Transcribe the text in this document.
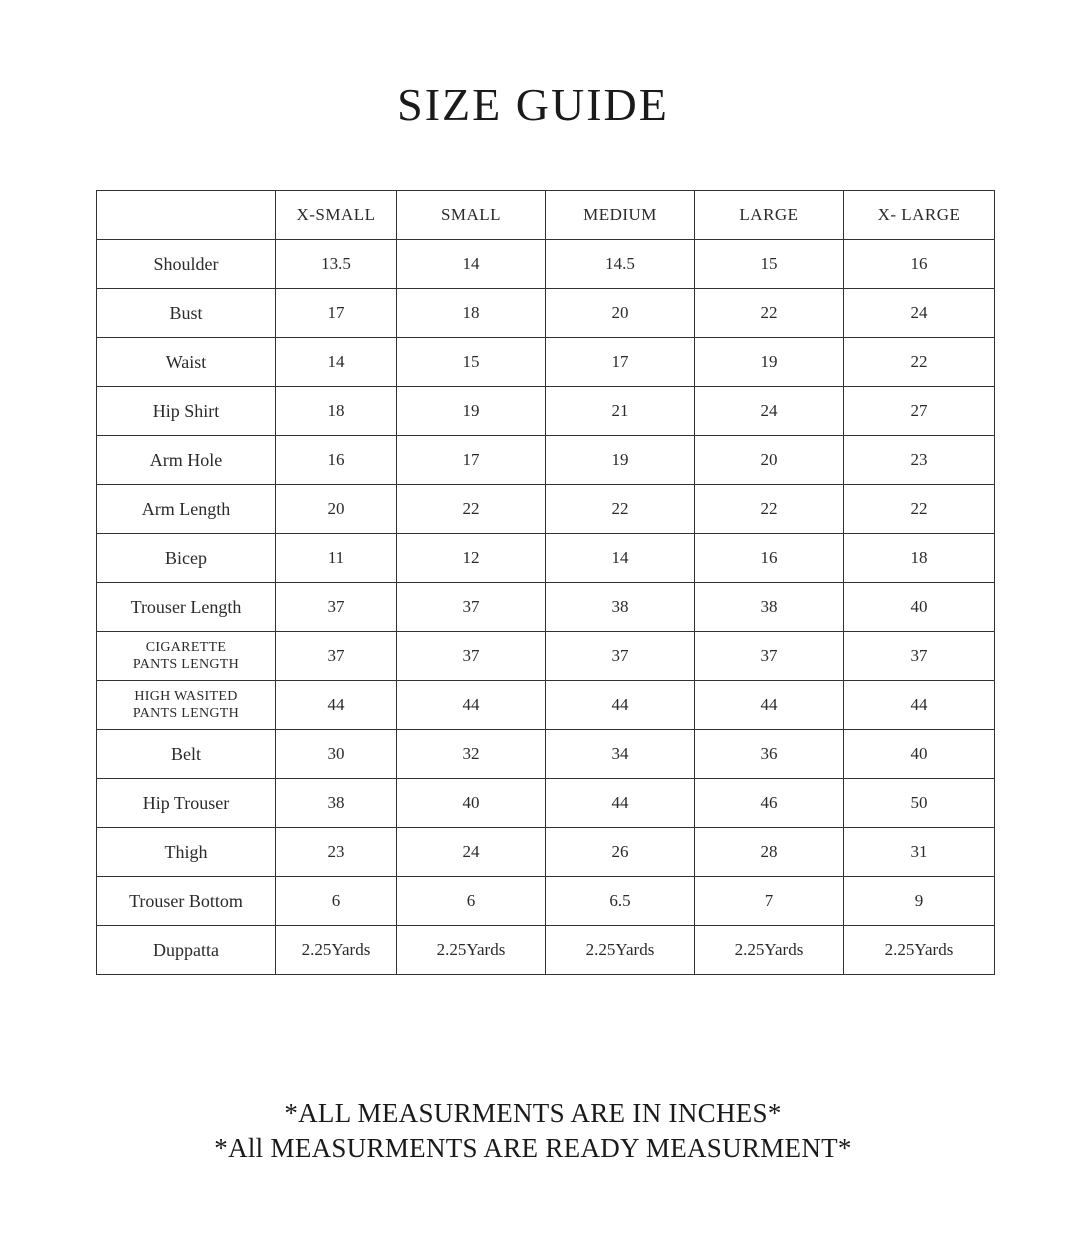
SIZE GUIDE
	X-SMALL	SMALL	MEDIUM	LARGE	X- LARGE

Shoulder	13.5	14	14.5	15	16

Bust	17	18	20	22	24

Waist	14	15	17	19	22

Hip Shirt	18	19	21	24	27

Arm Hole	16	17	19	20	23

Arm Length	20	22	22	22	22

Bicep	11	12	14	16	18

Trouser Length	37	37	38	38	40

CIGARETTE
PANTS LENGTH	37	37	37	37	37

HIGH WASITED
PANTS LENGTH	44	44	44	44	44

Belt	30	32	34	36	40

Hip Trouser	38	40	44	46	50

Thigh	23	24	26	28	31

Trouser Bottom	6	6	6.5	7	9

Duppatta	2.25Yards	2.25Yards	2.25Yards	2.25Yards	2.25Yards
*ALL MEASURMENTS ARE IN INCHES*
*All MEASURMENTS ARE READY MEASURMENT*
